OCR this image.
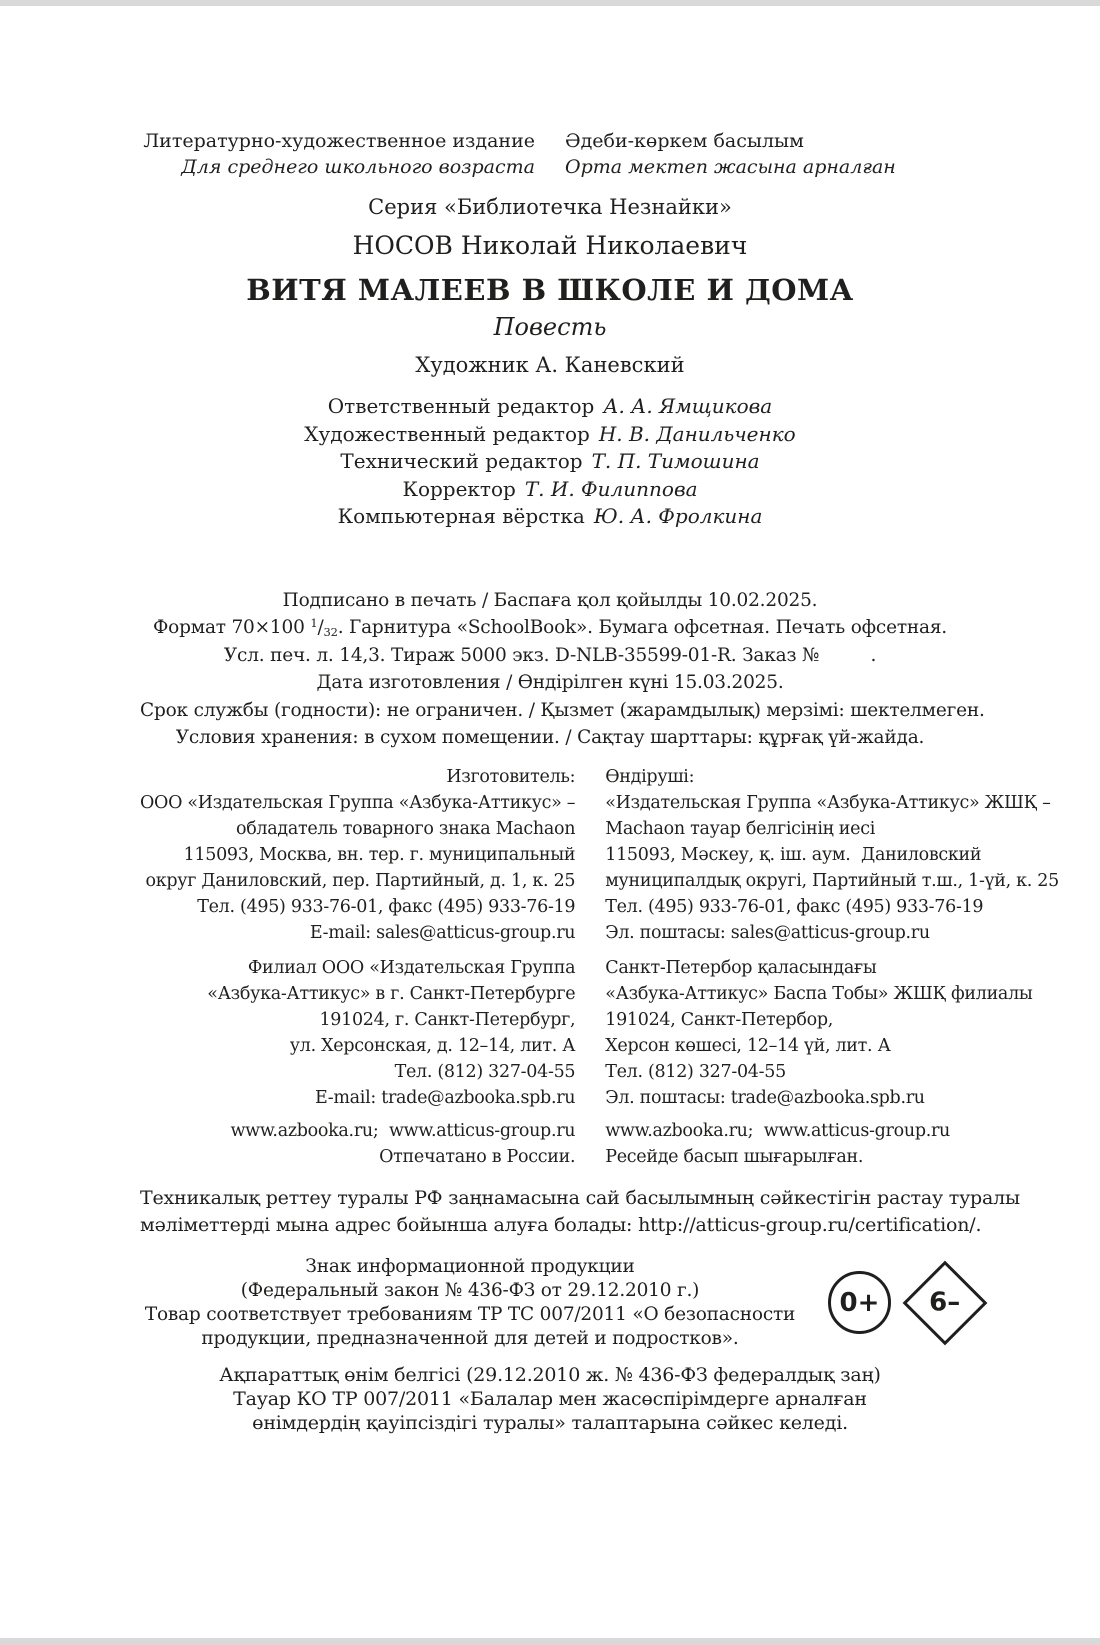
Литературно-художественное издание Әдеби-көркем басылым
Для среднего школьного возраста Орта мектеп жасына арналған
Серия «Библиотечка Незнайки»
НОСОВ Николай Николаевич
ВИТЯ МАЛЕЕВ В ШКОЛЕ И ДОМА
Повесть
Художник А. Каневский
Ответственный редактор А. А. Ямщикова
Художественный редактор Н. В. Данильченко
Технический редактор Т. П. Тимошина
Корректор Т. И. Филиппова
Компьютерная вёрстка Ю. А. Фролкина
Подписано в печать / Баспаға қол қойылды 10.02.2025.
Формат 70×100 $^1/_{32}$. Гарнитура «SchoolBook». Бумага офсетная. Печать офсетная.
Усл. печ. л. 14,3. Тираж 5000 экз. D-NLB-35599-01-R. Заказ №         .
Дата изготовления / Өндірілген күні 15.03.2025.
Срок службы (годности): не ограничен. / Қызмет (жарамдылық) мерзімі: шектелмеген.
Условия хранения: в сухом помещении. / Сақтау шарттары: құрғақ үй-жайда.
Изготовитель:
ООО «Издательская Группа «Азбука-Аттикус» –
обладатель товарного знака Machaon
115093, Москва, вн. тер. г. муниципальный
округ Даниловский, пер. Партийный, д. 1, к. 25
Тел. (495) 933-76-01, факс (495) 933-76-19
E-mail: sales@atticus-group.ru
Филиал ООО «Издательская Группа
«Азбука-Аттикус» в г. Санкт-Петербурге
191024, г. Санкт-Петербург,
ул. Херсонская, д. 12–14, лит. А
Тел. (812) 327-04-55
E-mail: trade@azbooka.spb.ru
www.azbooka.ru;  www.atticus-group.ru
Отпечатано в России.
Өндіруші:
«Издательская Группа «Азбука-Аттикус» ЖШҚ –
Machaon тауар белгісінің иесі
115093, Мәскеу, қ. іш. аум.  Даниловский
муниципалдық округі, Партийный т.ш., 1-үй, к. 25
Тел. (495) 933-76-01, факс (495) 933-76-19
Эл. поштасы: sales@atticus-group.ru
Санкт-Петербор қаласындағы
«Азбука-Аттикус» Баспа Тобы» ЖШҚ филиалы
191024, Санкт-Петербор,
Херсон көшесі, 12–14 үй, лит. А
Тел. (812) 327-04-55
Эл. поштасы: trade@azbooka.spb.ru
www.azbooka.ru;  www.atticus-group.ru
Ресейде басып шығарылған.
Техникалық реттеу туралы РФ заңнамасына сай басылымның сәйкестігін растау туралы
мәліметтерді мына адрес бойынша алуға болады: http://atticus-group.ru/certification/.
Знак информационной продукции
(Федеральный закон № 436-ФЗ от 29.12.2010 г.)
Товар соответствует требованиям ТР ТС 007/2011 «О безопасности
продукции, предназначенной для детей и подростков».
0+	6–
Ақпараттық өнім белгісі (29.12.2010 ж. № 436-ФЗ федералдық заң)
Тауар КО ТР 007/2011 «Балалар мен жасөспірімдерге арналған
өнімдердің қауіпсіздігі туралы» талаптарына сәйкес келеді.
